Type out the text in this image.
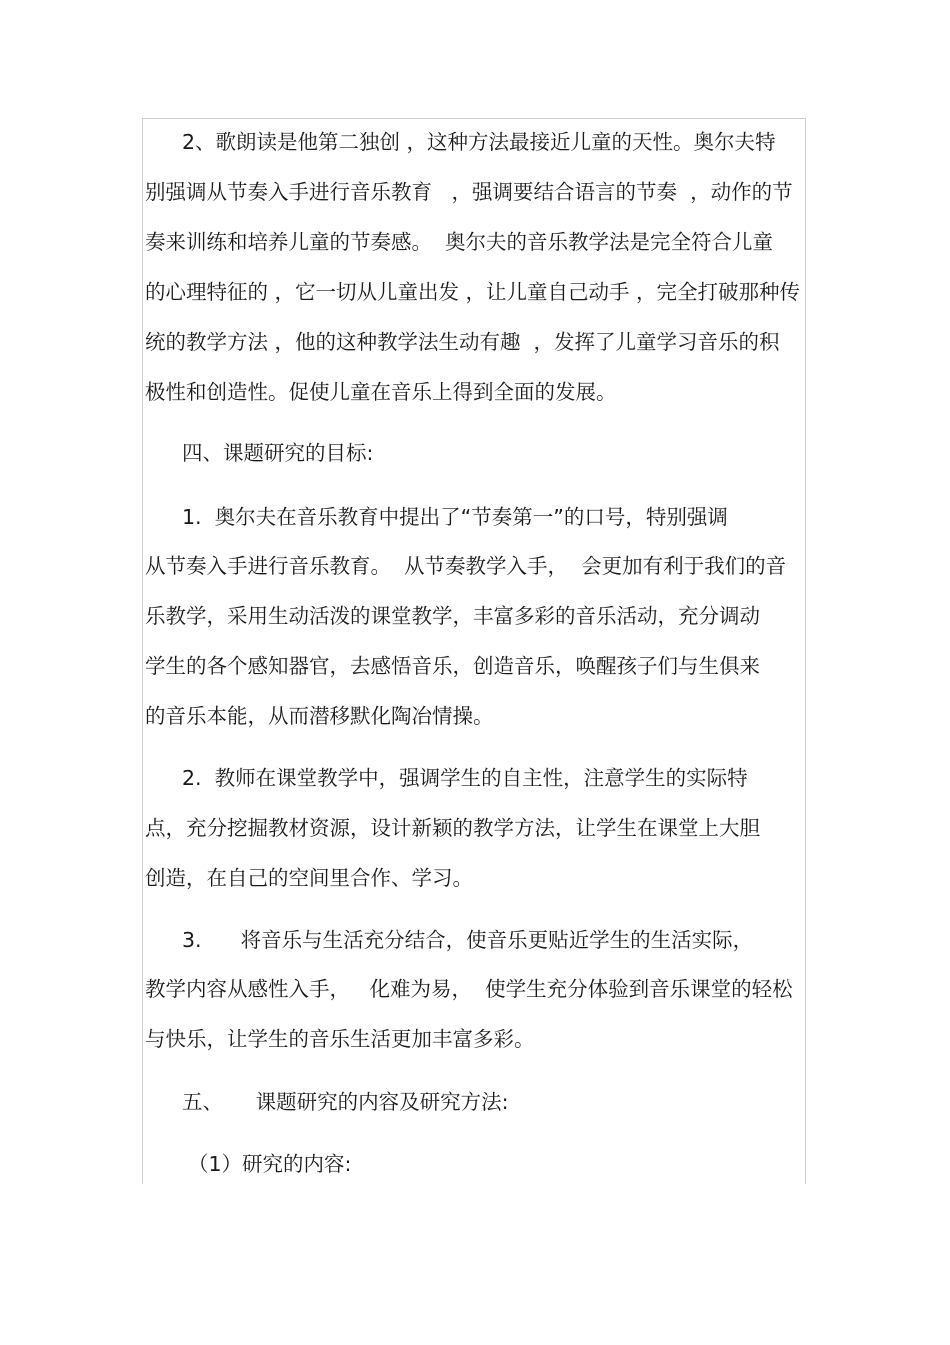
2、歌朗读是他第二独创 ，这种方法最接近儿童的天性。奥尔夫特
别强调从节奏入手进行音乐教育   ，强调要结合语言的节奏  ，动作的节
奏来训练和培养儿童的节奏感。  奥尔夫的音乐教学法是完全符合儿童
的心理特征的 ，它一切从儿童出发 ，让儿童自己动手 ，完全打破那种传
统的教学方法 ，他的这种教学法生动有趣  ，发挥了儿童学习音乐的积
极性和创造性。促使儿童在音乐上得到全面的发展。
四、课题研究的目标:
1.  奥尔夫在音乐教育中提出了“节奏第一”的口号，特别强调
从节奏入手进行音乐教育。  从节奏教学入手，  会更加有利于我们的音
乐教学，采用生动活泼的课堂教学，丰富多彩的音乐活动，充分调动
学生的各个感知器官，去感悟音乐，创造音乐，唤醒孩子们与生俱来
的音乐本能，从而潜移默化陶冶情操。
2.  教师在课堂教学中，强调学生的自主性，注意学生的实际特
点，充分挖掘教材资源，设计新颖的教学方法，让学生在课堂上大胆
创造，在自己的空间里合作、学习。
3.      将音乐与生活充分结合，使音乐更贴近学生的生活实际，
教学内容从感性入手，   化难为易，  使学生充分体验到音乐课堂的轻松
与快乐，让学生的音乐生活更加丰富多彩。
五、     课题研究的内容及研究方法:
（1）研究的内容:
